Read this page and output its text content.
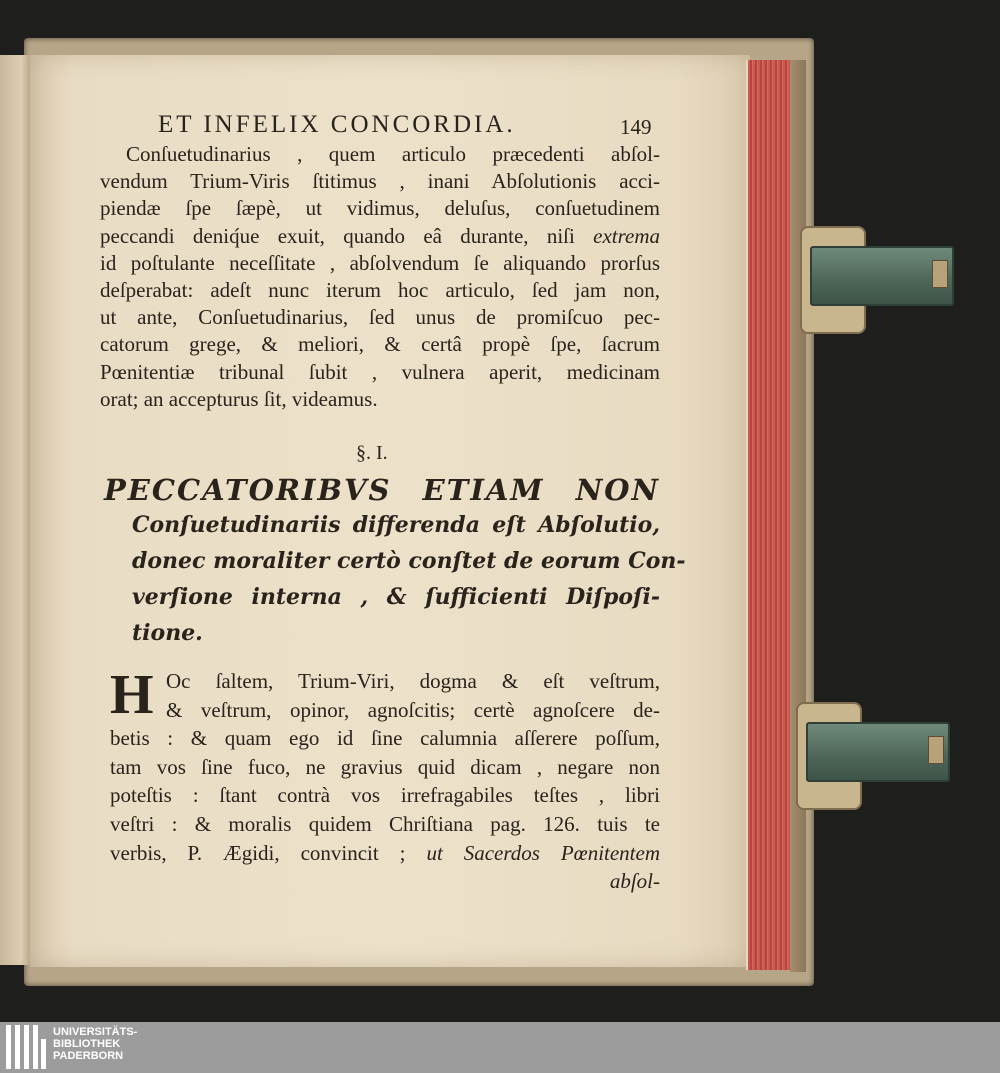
ET INFELIX CONCORDIA.	149
Conſuetudinarius , quem articulo præcedenti abſol-
vendum Trium-Viris ſtitimus , inani Abſolutionis acci-
piendæ ſpe ſæpè, ut vidimus, deluſus, conſuetudinem
peccandi deniq́ue exuit, quando eâ durante, niſi extrema
id poſtulante neceſſitate , abſolvendum ſe aliquando prorſus
deſperabat: adeſt nunc iterum hoc articulo, ſed jam non,
ut ante, Conſuetudinarius, ſed unus de promiſcuo pec-
catorum grege, & meliori, & certâ propè ſpe, ſacrum
Pœnitentiæ tribunal ſubit , vulnera aperit, medicinam
orat; an accepturus ſit, videamus.
§. I.
PECCATORIBVS ETIAM NON
Conſuetudinariis differenda eſt Abſolutio,
donec moraliter certò conſtet de eorum Con-
verſione interna , & ſufficienti Diſpoſi-
tione.
H Oc ſaltem, Trium-Viri, dogma & eſt veſtrum,
& veſtrum, opinor, agnoſcitis; certè agnoſcere de-
betis : & quam ego id ſine calumnia aſſerere poſſum,
tam vos ſine fuco, ne gravius quid dicam , negare non
poteſtis : ſtant contrà vos irrefragabiles teſtes , libri
veſtri : & moralis quidem Chriſtiana pag. 126. tuis te
verbis, P. Ægidi, convincit ; ut Sacerdos Pœnitentem
abſol-
UNIVERSITÄTS-
BIBLIOTHEK
PADERBORN
